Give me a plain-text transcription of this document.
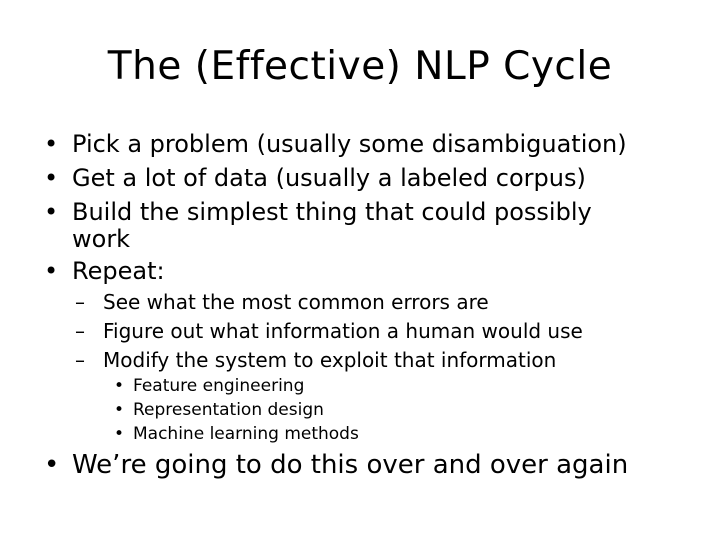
The (Effective) NLP Cycle
• Pick a problem (usually some disambiguation)
• Get a lot of data (usually a labeled corpus)
• Build the simplest thing that could possibly
work
• Repeat:
– See what the most common errors are
– Figure out what information a human would use
– Modify the system to exploit that information
• Feature engineering
• Representation design
• Machine learning methods
• We’re going to do this over and over again
